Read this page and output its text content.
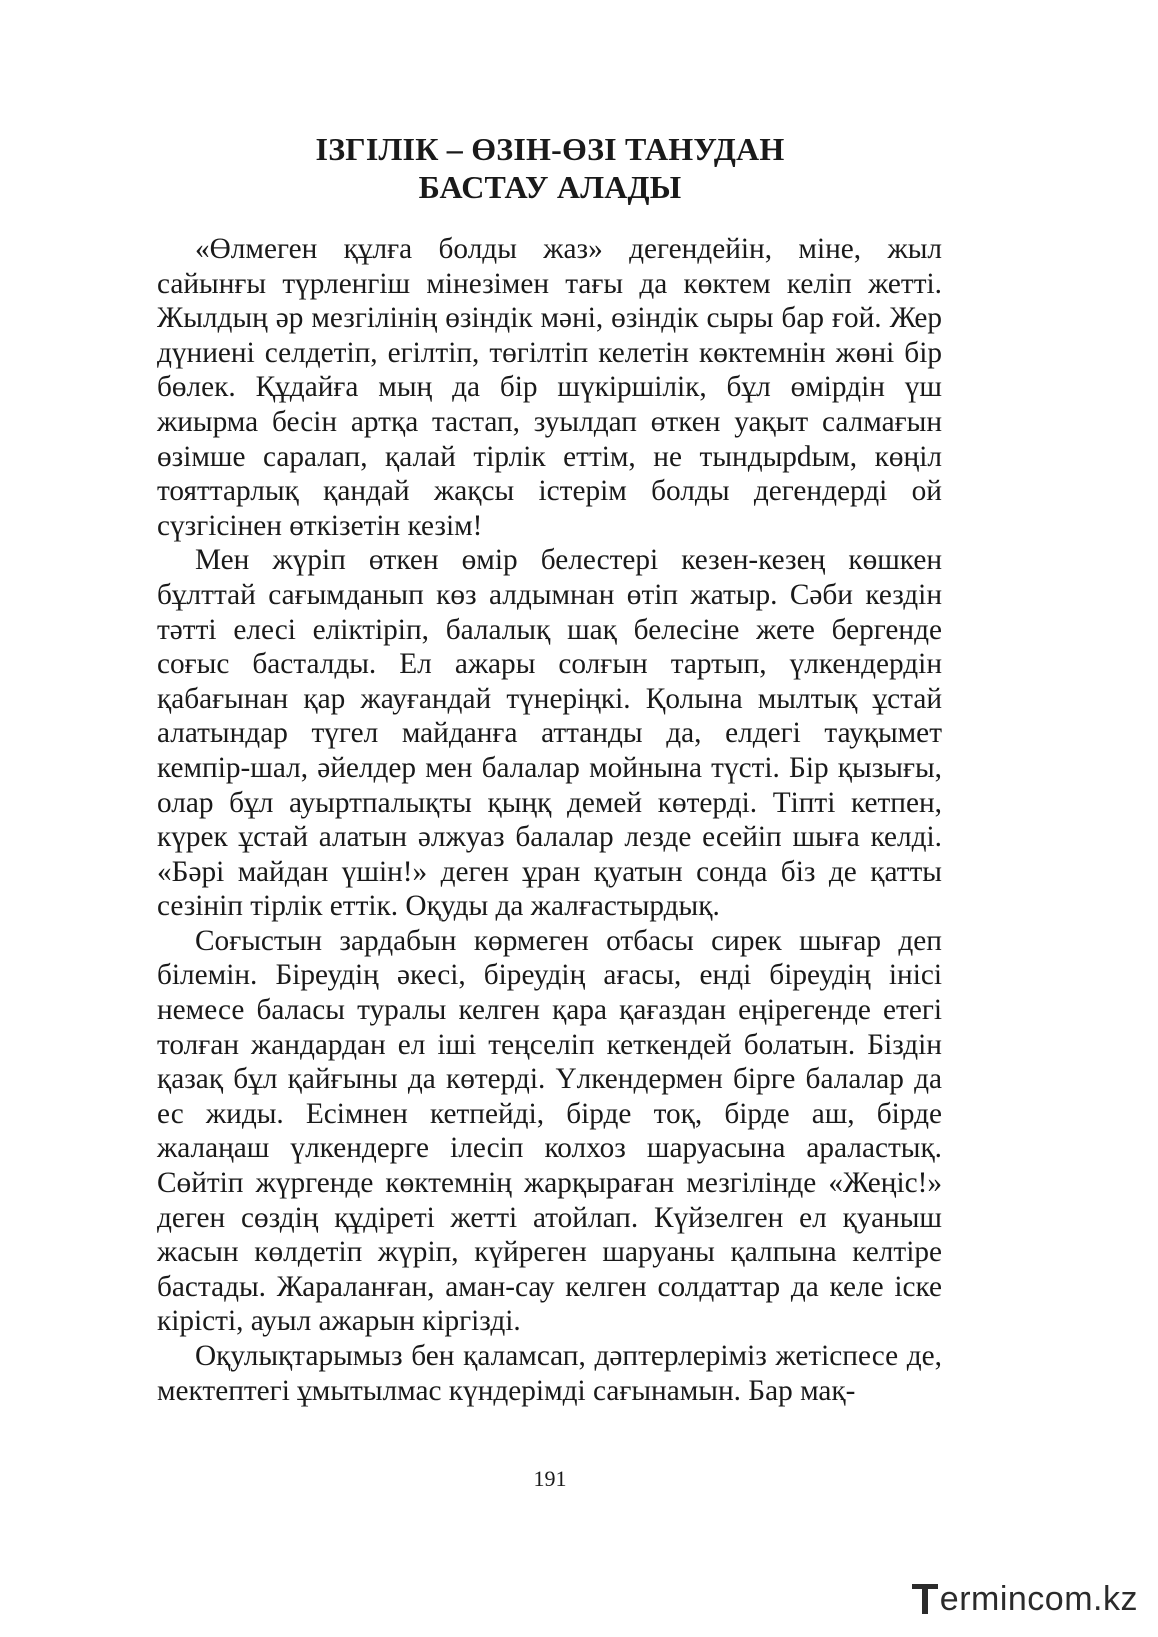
ІЗГІЛІК – ӨЗІН-ӨЗІ ТАНУДАН
БАСТАУ АЛАДЫ

«Өлмеген құлға болды жаз» дегендейін, міне, жыл сайынғы түрленгіш мінезімен тағы да көктем келіп жетті. Жылдың әр мезгілінің өзіндік мәні, өзіндік сыры бар ғой. Жер дүниені селдетіп, егілтіп, төгілтіп келетін көктемнін жөні бір бөлек. Құдайға мың да бір шүкіршілік, бұл өмірдін үш жиырма бесін артқа тастап, зуылдап өткен уақыт салмағын өзімше саралап, қалай тірлік еттім, не тындырdым, көңіл тояттарлық қандай жақсы істерім болды дегендерді ой сүзгісінен өткізетін кезім!

Мен жүріп өткен өмір белестері кезен-кезең көшкен бұлттай сағымданып көз алдымнан өтіп жатыр. Сәби кездін тәтті елесі еліктіріп, балалық шақ белесіне жете бергенде соғыс басталды. Ел ажары солғын тартып, үлкендердін қабағынан қар жауғандай түнеріңкі. Қолына мылтық ұстай алатындар түгел майданға аттанды да, елдегі тауқымет кемпір-шал, әйелдер мен балалар мойнына түсті. Бір қызығы, олар бұл ауыртпалықты қыңқ демей көтерді. Тіпті кетпен, күрек ұстай алатын әлжуаз балалар лезде есейіп шыға келді. «Бәрі майдан үшін!» деген ұран қуатын сонда біз де қатты сезініп тірлік еттік. Оқуды да жалғастырдық.

Соғыстын зардабын көрмеген отбасы сирек шығар деп білемін. Біреудің әкесі, біреудің ағасы, енді біреудің інісі немесе баласы туралы келген қара қағаздан еңірегенде етегі толған жандардан ел іші теңселіп кеткендей болатын. Біздін қазақ бұл қайғыны да көтерді. Үлкендермен бірге балалар да ес жиды. Есімнен кетпейді, бірде тоқ, бірде аш, бірде жалаңаш үлкендерге ілесіп колхоз шаруасына араластық. Сөйтіп жүргенде көктемнің жарқыраған мезгілінде «Жеңіс!» деген сөздің құдіреті жетті атойлап. Күйзелген ел қуаныш жасын көлдетіп жүріп, күйреген шаруаны қалпына келтіре бастады. Жараланған, аман-сау келген солдаттар да келе іске кірісті, ауыл ажарын кіргізді.

Оқулықтарымыз бен қаламсап, дәптерлеріміз жетіспесе де, мектептегі ұмытылмас күндерімді сағынамын. Бар мақ-

191
ermincо m.kz
